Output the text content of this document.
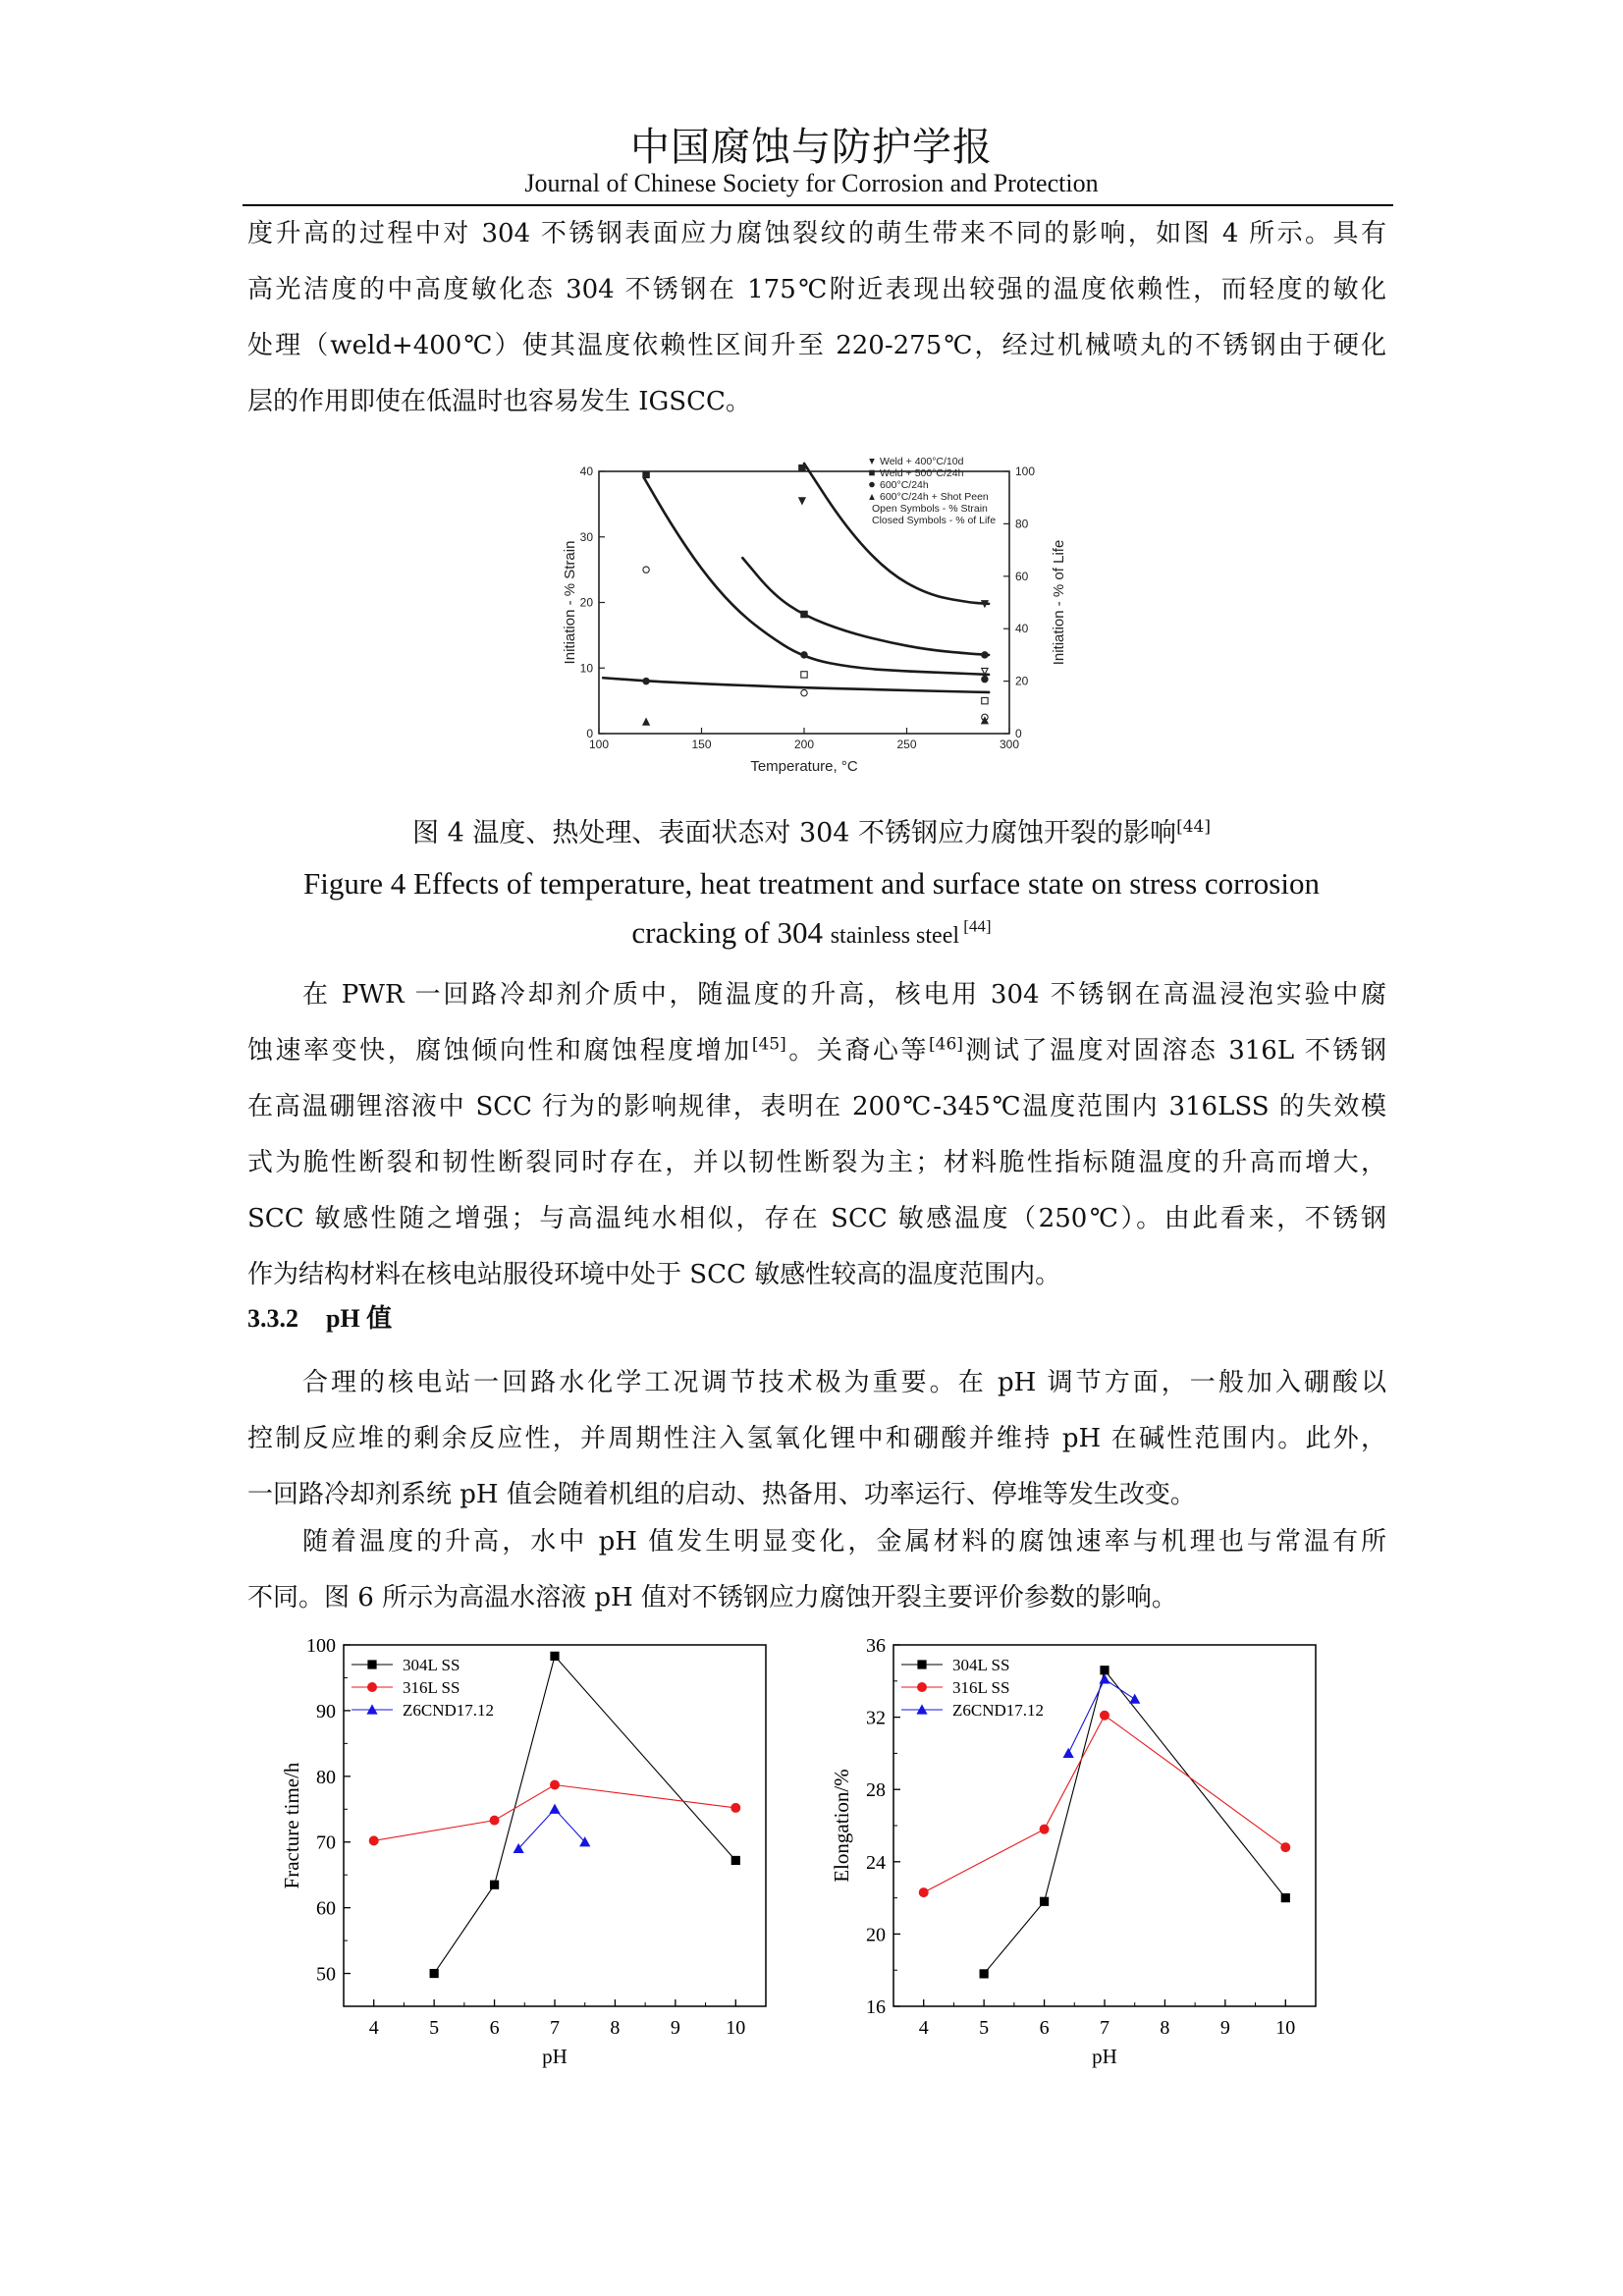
中国腐蚀与防护学报
Journal of Chinese Society for Corrosion and Protection
度升高的过程中对 304 不锈钢表面应力腐蚀裂纹的萌生带来不同的影响，如图 4 所示。具有
高光洁度的中高度敏化态 304 不锈钢在 175℃附近表现出较强的温度依赖性，而轻度的敏化
处理（weld+400℃）使其温度依赖性区间升至 220-275℃，经过机械喷丸的不锈钢由于硬化
层的作用即使在低温时也容易发生 IGSCC。
100	150	200	250	300
0
10
20
30
40
0
20
40
60
80
100
Weld + 400°C/10d
Weld + 500°C/24h
600°C/24h
600°C/24h + Shot Peen
Open Symbols - % Strain
Closed Symbols - % of Life
Temperature, °C
Initiation - % Strain	Initiation - % of Life
图 4 温度、热处理、表面状态对 304 不锈钢应力腐蚀开裂的影响[44]
Figure 4 Effects of temperature, heat treatment and surface state on stress corrosion
cracking of 304 stainless steel [44]
在 PWR 一回路冷却剂介质中，随温度的升高，核电用 304 不锈钢在高温浸泡实验中腐
蚀速率变快，腐蚀倾向性和腐蚀程度增加[45]。关裔心等[46]测试了温度对固溶态 316L 不锈钢
在高温硼锂溶液中 SCC 行为的影响规律，表明在 200℃-345℃温度范围内 316LSS 的失效模
式为脆性断裂和韧性断裂同时存在，并以韧性断裂为主；材料脆性指标随温度的升高而增大，
SCC 敏感性随之增强；与高温纯水相似，存在 SCC 敏感温度（250℃）。由此看来，不锈钢
作为结构材料在核电站服役环境中处于 SCC 敏感性较高的温度范围内。
3.3.2 pH 值
合理的核电站一回路水化学工况调节技术极为重要。在 pH 调节方面，一般加入硼酸以
控制反应堆的剩余反应性，并周期性注入氢氧化锂中和硼酸并维持 pH 在碱性范围内。此外，
一回路冷却剂系统 pH 值会随着机组的启动、热备用、功率运行、停堆等发生改变。
随着温度的升高，水中 pH 值发生明显变化，金属材料的腐蚀速率与机理也与常温有所
不同。图 6 所示为高温水溶液 pH 值对不锈钢应力腐蚀开裂主要评价参数的影响。
4	5	6	7	8	9 10
50
60
70
80
90
100
pH
Fracture time/h
304L SS
316L SS
Z6CND17.12
4	5	6	7	8	9 10
16
20
24
28
32
36
pH
Elongation/%
304L SS
316L SS
Z6CND17.12
